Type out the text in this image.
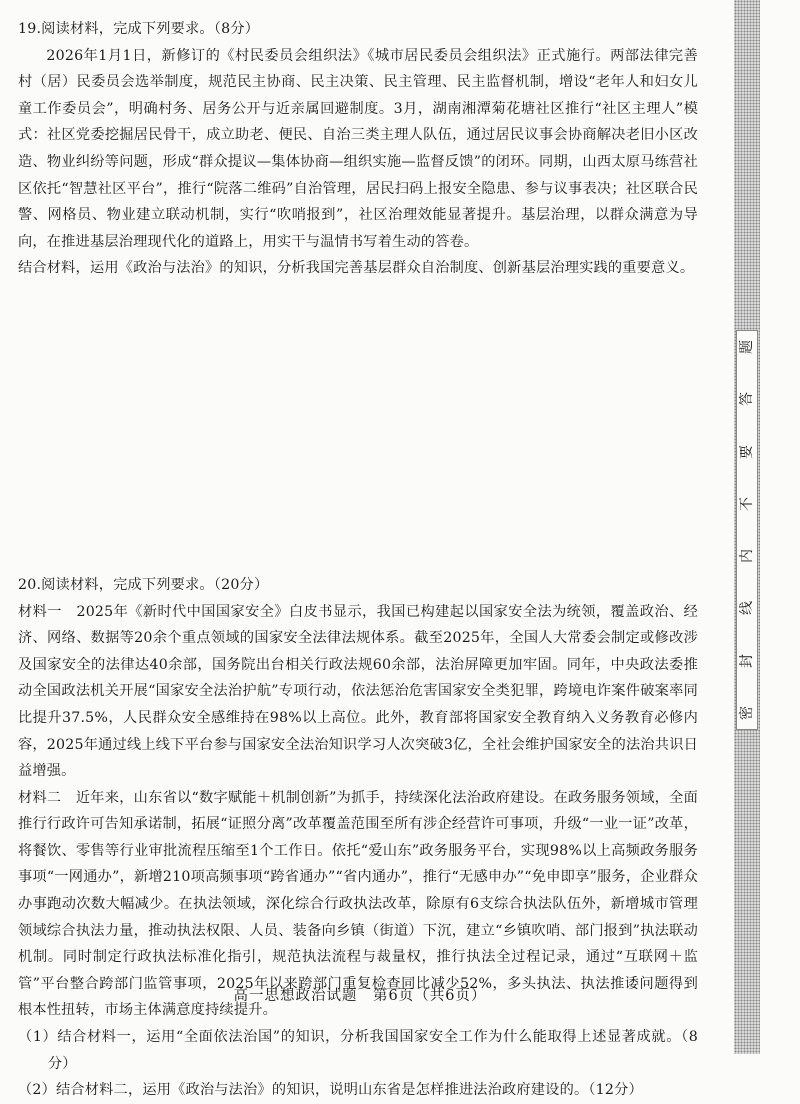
19.阅读材料，完成下列要求。（8分）

2026年1月1日，新修订的《村民委员会组织法》《城市居民委员会组织法》正式施行。两部法律完善村（居）民委员会选举制度，规范民主协商、民主决策、民主管理、民主监督机制，增设“老年人和妇女儿童工作委员会”，明确村务、居务公开与近亲属回避制度。3月，湖南湘潭菊花塘社区推行“社区主理人”模式：社区党委挖掘居民骨干，成立助老、便民、自治三类主理人队伍，通过居民议事会协商解决老旧小区改造、物业纠纷等问题，形成“群众提议—集体协商—组织实施—监督反馈”的闭环。同期，山西太原马练营社区依托“智慧社区平台”，推行“院落二维码”自治管理，居民扫码上报安全隐患、参与议事表决；社区联合民警、网格员、物业建立联动机制，实行“吹哨报到”，社区治理效能显著提升。基层治理，以群众满意为导向，在推进基层治理现代化的道路上，用实干与温情书写着生动的答卷。

结合材料，运用《政治与法治》的知识，分析我国完善基层群众自治制度、创新基层治理实践的重要意义。

20.阅读材料，完成下列要求。（20分）

材料一　2025年《新时代中国国家安全》白皮书显示，我国已构建起以国家安全法为统领，覆盖政治、经济、网络、数据等20余个重点领域的国家安全法律法规体系。截至2025年，全国人大常委会制定或修改涉及国家安全的法律达40余部，国务院出台相关行政法规60余部，法治屏障更加牢固。同年，中央政法委推动全国政法机关开展“国家安全法治护航”专项行动，依法惩治危害国家安全类犯罪，跨境电诈案件破案率同比提升37.5%，人民群众安全感维持在98%以上高位。此外，教育部将国家安全教育纳入义务教育必修内容，2025年通过线上线下平台参与国家安全法治知识学习人次突破3亿，全社会维护国家安全的法治共识日益增强。

材料二　近年来，山东省以“数字赋能＋机制创新”为抓手，持续深化法治政府建设。在政务服务领域，全面推行行政许可告知承诺制，拓展“证照分离”改革覆盖范围至所有涉企经营许可事项，升级“一业一证”改革，将餐饮、零售等行业审批流程压缩至1个工作日。依托“爱山东”政务服务平台，实现98%以上高频政务服务事项“一网通办”，新增210项高频事项“跨省通办”“省内通办”，推行“无感申办”“免申即享”服务，企业群众办事跑动次数大幅减少。在执法领域，深化综合行政执法改革，除原有6支综合执法队伍外，新增城市管理领域综合执法力量，推动执法权限、人员、装备向乡镇（街道）下沉，建立“乡镇吹哨、部门报到”执法联动机制。同时制定行政执法标准化指引，规范执法流程与裁量权，推行执法全过程记录，通过“互联网＋监管”平台整合跨部门监管事项，2025年以来跨部门重复检查同比减少52%，多头执法、执法推诿问题得到根本性扭转，市场主体满意度持续提升。

（1）结合材料一，运用“全面依法治国”的知识，分析我国国家安全工作为什么能取得上述显著成就。（8分）

（2）结合材料二，运用《政治与法治》的知识，说明山东省是怎样推进法治政府建设的。（12分）

高一思想政治试题　第6页（共6页）
题
答
要
不
内
线
封
密
